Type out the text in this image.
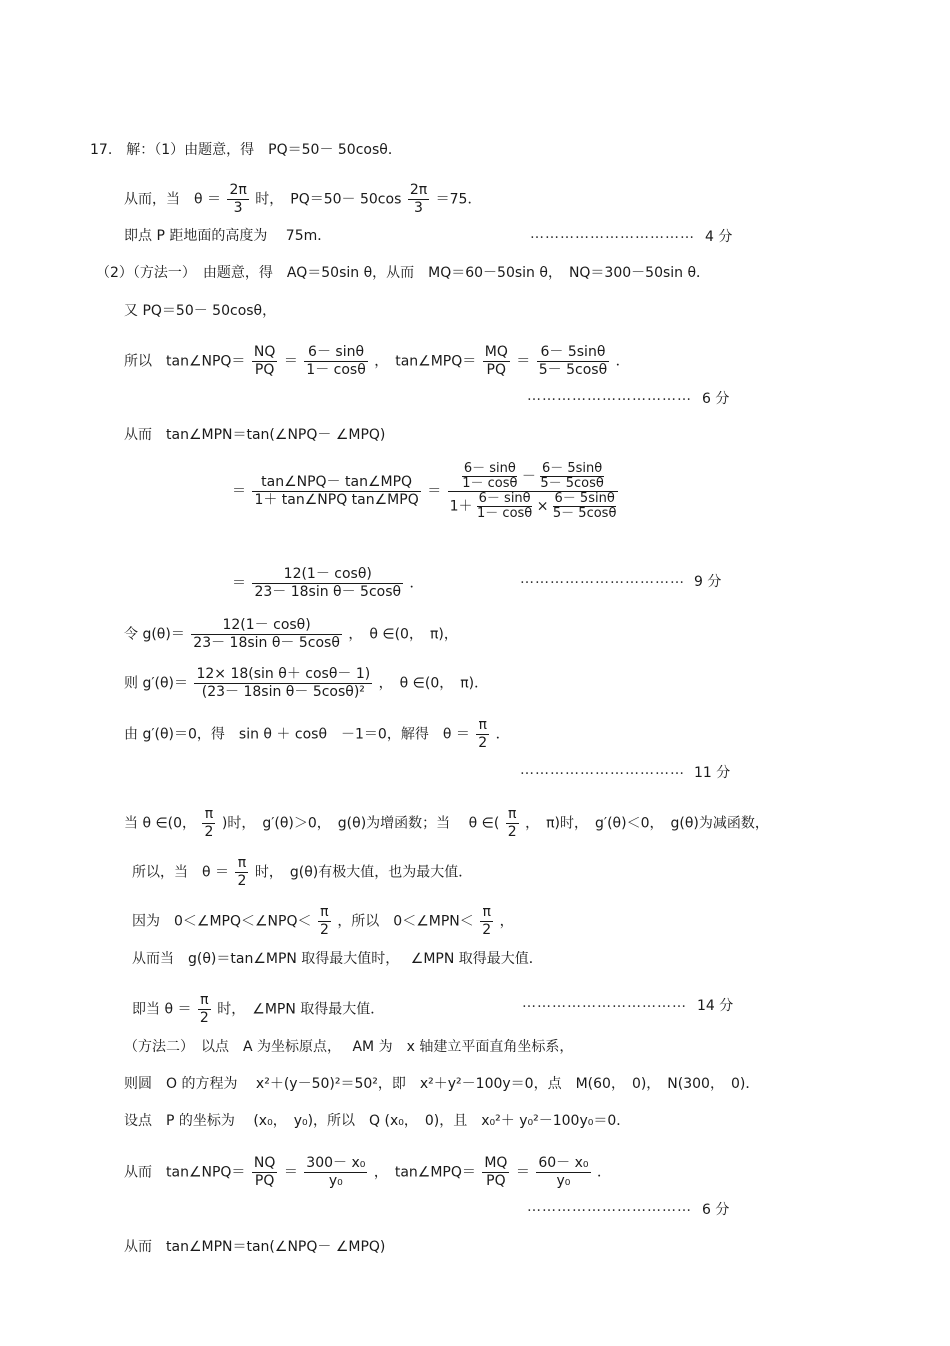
17.　解：（1）由题意，得　PQ＝50－ 50cosθ．
从而，当　$\theta = \frac{2\pi}{3}$ 时，　$PQ=50- 50\cos \frac{2\pi}{3} =75$．
即点 P 距地面的高度为　 75m．	…………………………… 4 分
（2）（方法一）　由题意，得　AQ＝50sin θ，从而　MQ＝60－50sin θ，　NQ＝300－50sin θ．
又 PQ＝50－ 50cosθ，
所以　tan∠NPQ＝ $\frac{NQ}{PQ} = \frac{6- \sin\theta}{1- \cos\theta}$ ，　tan∠MPQ＝ $\frac{MQ}{PQ} = \frac{6- 5\sin\theta}{5- 5\cos\theta}$ ．
…………………………… 6 分
从而　tan∠MPN＝tan(∠NPQ－ ∠MPQ)
＝
tan∠NPQ－ tan∠MPQ
1＋ tan∠NPQ tan∠MPQ
＝ $\frac{\frac{6- \sin\theta}{1- \cos\theta} - \frac{6- 5\sin\theta}{5- 5\cos\theta}}{1+ \frac{6- \sin\theta}{1- \cos\theta} \times \frac{6- 5\sin\theta}{5- 5\cos\theta}}$
＝ $\frac{12(1- \cos\theta)}{\text{23－ 18sin θ－ 5cosθ}}$ ．	…………………………… 9 分
令 $g(\theta)= \frac{12(1- \cos\theta)}{\text{23－ 18sin θ－ 5cosθ}}$ ，　θ ∈(0，　π)，
则 $g'(\theta)= \frac{\text{12× 18(sin θ＋ cosθ－ 1)}}{\text{(23－ 18sin θ－ 5cosθ)²}}$ ，　θ ∈(0，　π)．
由 g′(θ)＝0，得　sin θ ＋ cosθ　－1＝0，解得　$\theta = \frac{\pi}{2}$ ．
…………………………… 11 分
当 θ ∈(0， $\frac{\pi}{2}$ )时，　g′(θ)＞0，　g(θ)为增函数；当　 θ ∈( $\frac{\pi}{2}$ ，　π)时，　g′(θ)＜0，　g(θ)为减函数，
所以，当　$\theta = \frac{\pi}{2}$ 时，　g(θ)有极大值，也为最大值．
因为　0＜∠MPQ＜∠NPQ＜ $\frac{\pi}{2}$ ，所以　0＜∠MPN＜ $\frac{\pi}{2}$ ，
从而当　g(θ)＝tan∠MPN 取得最大值时，　 ∠MPN 取得最大值．
即当 $\theta = \frac{\pi}{2}$ 时，　∠MPN 取得最大值．	…………………………… 14 分
（方法二）　以点　A 为坐标原点，　 AM 为　x 轴建立平面直角坐标系，
则圆　O 的方程为　 x²＋(y－50)²＝50²，即　x²＋y²－100y＝0，点　M(60，　0)，　N(300，　0)．
设点　P 的坐标为　 (x₀，　y₀)，所以　Q (x₀，　0)，且　x₀²＋ y₀²－100y₀＝0．
从而　tan∠NPQ＝ $\frac{NQ}{PQ} = \frac{\text{300－ x₀}}{\text{y₀}}$ ，　tan∠MPQ＝ $\frac{MQ}{PQ} = \frac{\text{60－ x₀}}{\text{y₀}}$ ．
…………………………… 6 分
从而　tan∠MPN＝tan(∠NPQ－ ∠MPQ)
